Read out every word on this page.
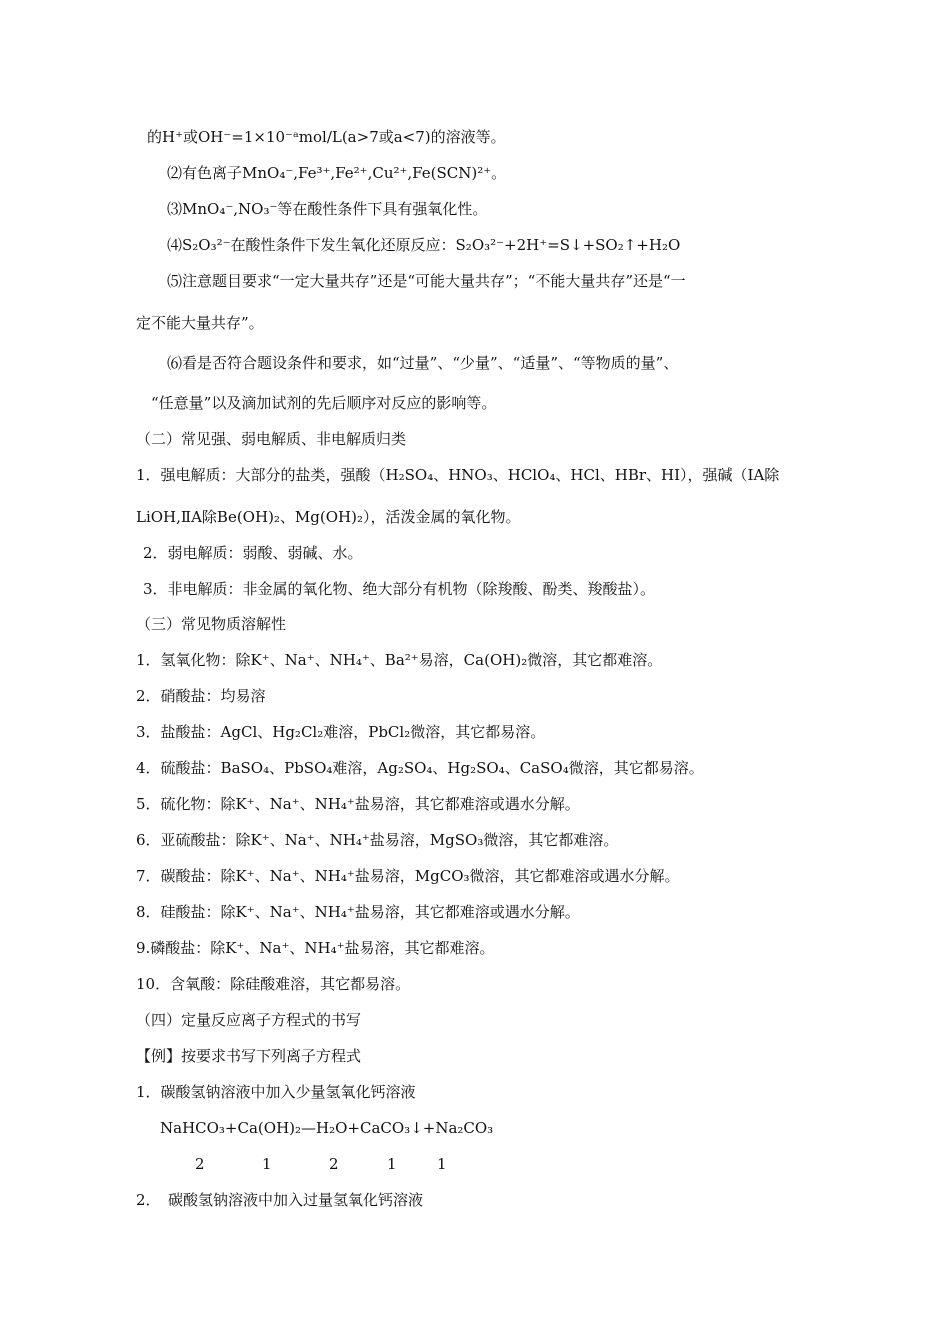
的H⁺或OH⁻=1×10⁻ᵃmol/L(a>7或a<7)的溶液等。
⑵有色离子MnO₄⁻,Fe³⁺,Fe²⁺,Cu²⁺,Fe(SCN)²⁺。
⑶MnO₄⁻,NO₃⁻等在酸性条件下具有强氧化性。
⑷S₂O₃²⁻在酸性条件下发生氧化还原反应：S₂O₃²⁻+2H⁺=S↓+SO₂↑+H₂O
⑸注意题目要求“一定大量共存”还是“可能大量共存”；“不能大量共存”还是“一
定不能大量共存”。
⑹看是否符合题设条件和要求，如“过量”、“少量”、“适量”、“等物质的量”、
“任意量”以及滴加试剂的先后顺序对反应的影响等。
（二）常见强、弱电解质、非电解质归类
1．强电解质：大部分的盐类，强酸（H₂SO₄、HNO₃、HClO₄、HCl、HBr、HI），强碱（ⅠA除
LiOH,ⅡA除Be(OH)₂、Mg(OH)₂），活泼金属的氧化物。
2．弱电解质：弱酸、弱碱、水。
3．非电解质：非金属的氧化物、绝大部分有机物（除羧酸、酚类、羧酸盐）。
（三）常见物质溶解性
1．氢氧化物：除K⁺、Na⁺、NH₄⁺、Ba²⁺易溶，Ca(OH)₂微溶，其它都难溶。
2．硝酸盐：均易溶
3．盐酸盐：AgCl、Hg₂Cl₂难溶，PbCl₂微溶，其它都易溶。
4．硫酸盐：BaSO₄、PbSO₄难溶，Ag₂SO₄、Hg₂SO₄、CaSO₄微溶，其它都易溶。
5．硫化物：除K⁺、Na⁺、NH₄⁺盐易溶，其它都难溶或遇水分解。
6．亚硫酸盐：除K⁺、Na⁺、NH₄⁺盐易溶，MgSO₃微溶，其它都难溶。
7．碳酸盐：除K⁺、Na⁺、NH₄⁺盐易溶，MgCO₃微溶，其它都难溶或遇水分解。
8．硅酸盐：除K⁺、Na⁺、NH₄⁺盐易溶，其它都难溶或遇水分解。
9.磷酸盐：除K⁺、Na⁺、NH₄⁺盐易溶，其它都难溶。
10．含氧酸：除硅酸难溶，其它都易溶。
（四）定量反应离子方程式的书写
【例】按要求书写下列离子方程式
1．碳酸氢钠溶液中加入少量氢氧化钙溶液
NaHCO₃+Ca(OH)₂—H₂O+CaCO₃↓+Na₂CO₃
2	1	2	1	1
2．　碳酸氢钠溶液中加入过量氢氧化钙溶液
